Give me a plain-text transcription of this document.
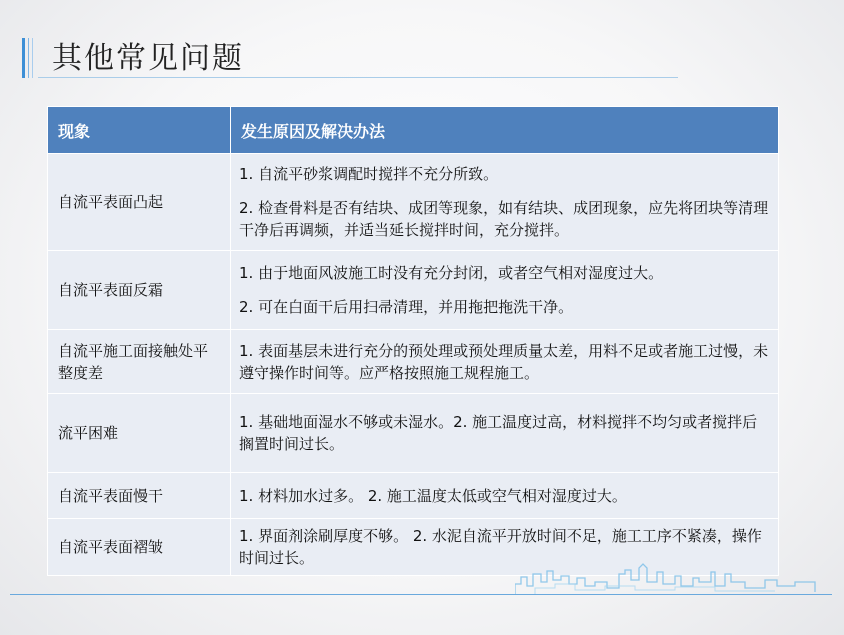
其他常见问题
现象	发生原因及解决办法
自流平表面凸起	1. 自流平砂浆调配时搅拌不充分所致。
2. 检查骨料是否有结块、成团等现象，如有结块、成团现象，应先将团块等清理干净后再调频，并适当延长搅拌时间，充分搅拌。

自流平表面反霜	1. 由于地面风波施工时没有充分封闭，或者空气相对湿度过大。
2. 可在白面干后用扫帚清理，并用拖把拖洗干净。

自流平施工面接触处平整度差	1. 表面基层未进行充分的预处理或预处理质量太差，用料不足或者施工过慢，未遵守操作时间等。应严格按照施工规程施工。

流平困难	1. 基础地面湿水不够或未湿水。2. 施工温度过高，材料搅拌不均匀或者搅拌后搁置时间过长。

自流平表面慢干	1. 材料加水过多。 2. 施工温度太低或空气相对湿度过大。

自流平表面褶皱	1. 界面剂涂刷厚度不够。 2. 水泥自流平开放时间不足，施工工序不紧凑，操作时间过长。
